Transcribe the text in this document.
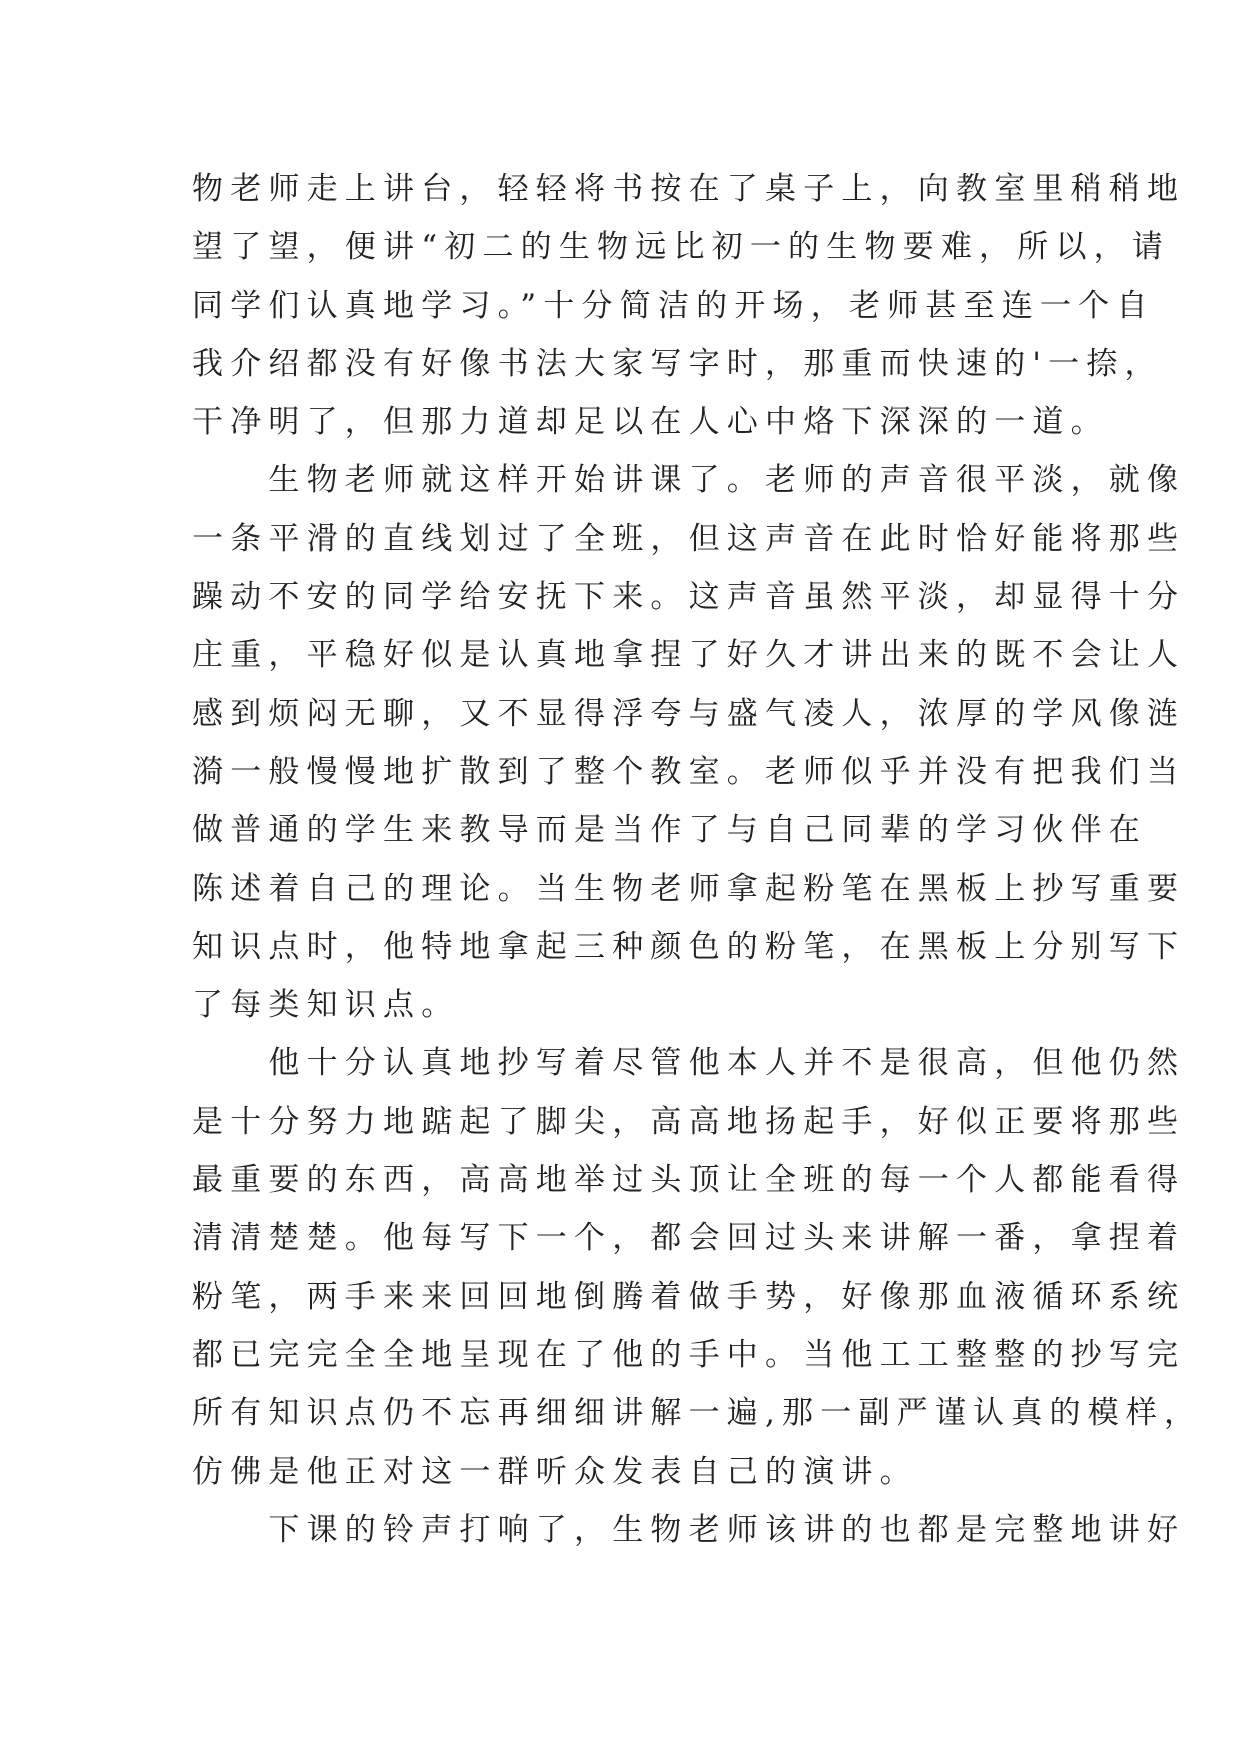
物老师走上讲台，轻轻将书按在了桌子上，向教室里稍稍地
望了望，便讲“初二的生物远比初一的生物要难，所以，请
同学们认真地学习。”十分简洁的开场，老师甚至连一个自
我介绍都没有好像书法大家写字时，那重而快速的'一捺，
干净明了，但那力道却足以在人心中烙下深深的一道。
　　生物老师就这样开始讲课了。老师的声音很平淡，就像
一条平滑的直线划过了全班，但这声音在此时恰好能将那些
躁动不安的同学给安抚下来。这声音虽然平淡，却显得十分
庄重，平稳好似是认真地拿捏了好久才讲出来的既不会让人
感到烦闷无聊，又不显得浮夸与盛气凌人，浓厚的学风像涟
漪一般慢慢地扩散到了整个教室。老师似乎并没有把我们当
做普通的学生来教导而是当作了与自己同辈的学习伙伴在
陈述着自己的理论。当生物老师拿起粉笔在黑板上抄写重要
知识点时，他特地拿起三种颜色的粉笔，在黑板上分别写下
了每类知识点。
　　他十分认真地抄写着尽管他本人并不是很高，但他仍然
是十分努力地踮起了脚尖，高高地扬起手，好似正要将那些
最重要的东西，高高地举过头顶让全班的每一个人都能看得
清清楚楚。他每写下一个，都会回过头来讲解一番，拿捏着
粉笔，两手来来回回地倒腾着做手势，好像那血液循环系统
都已完完全全地呈现在了他的手中。当他工工整整的抄写完
所有知识点仍不忘再细细讲解一遍,那一副严谨认真的模样，
仿佛是他正对这一群听众发表自己的演讲。
　　下课的铃声打响了，生物老师该讲的也都是完整地讲好
